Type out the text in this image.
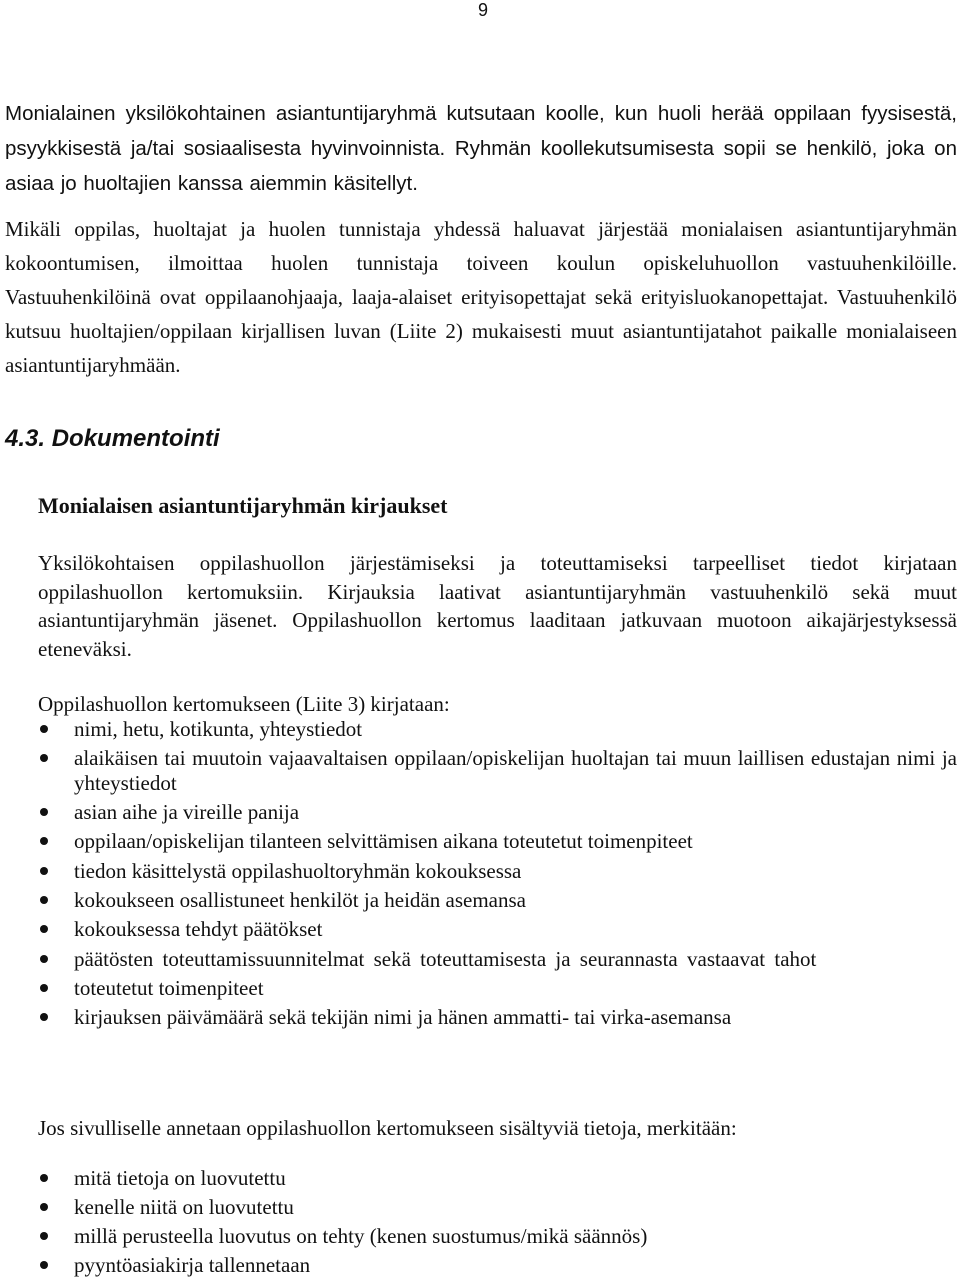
9

Monialainen yksilökohtainen asiantuntijaryhmä kutsutaan koolle, kun huoli herää oppilaan fyysisestä, psyykkisestä ja/tai sosiaalisesta hyvinvoinnista. Ryhmän koollekutsumisesta sopii se henkilö, joka on asiaa jo huoltajien kanssa aiemmin käsitellyt.

Mikäli oppilas, huoltajat ja huolen tunnistaja yhdessä haluavat järjestää monialaisen asiantuntijaryhmän kokoontumisen, ilmoittaa huolen tunnistaja toiveen koulun opiskeluhuollon vastuuhenkilöille. Vastuuhenkilöinä ovat oppilaanohjaaja, laaja-alaiset erityisopettajat sekä erityisluokanopettajat. Vastuuhenkilö kutsuu huoltajien/oppilaan kirjallisen luvan (Liite 2) mukaisesti muut asiantuntijatahot paikalle monialaiseen asiantuntijaryhmään.

4.3. Dokumentointi
Monialaisen asiantuntijaryhmän kirjaukset

Yksilökohtaisen oppilashuollon järjestämiseksi ja toteuttamiseksi tarpeelliset tiedot kirjataan oppilashuollon kertomuksiin. Kirjauksia laativat asiantuntijaryhmän vastuuhenkilö sekä muut asiantuntijaryhmän jäsenet. Oppilashuollon kertomus laaditaan jatkuvaan muotoon aikajärjestyksessä eteneväksi.

Oppilashuollon kertomukseen (Liite 3) kirjataan:

nimi, hetu, kotikunta, yhteystiedot
alaikäisen tai muutoin vajaavaltaisen oppilaan/opiskelijan huoltajan tai muun laillisen edustajan nimi ja yhteystiedot
asian aihe ja vireille panija
oppilaan/opiskelijan tilanteen selvittämisen aikana toteutetut toimenpiteet
tiedon käsittelystä oppilashuoltoryhmän kokouksessa
kokoukseen osallistuneet henkilöt ja heidän asemansa
kokouksessa tehdyt päätökset
päätösten toteuttamissuunnitelmat sekä toteuttamisesta ja seurannasta vastaavat tahot
toteutetut toimenpiteet
kirjauksen päivämäärä sekä tekijän nimi ja hänen ammatti- tai virka-asemansa

Jos sivulliselle annetaan oppilashuollon kertomukseen sisältyviä tietoja, merkitään:

mitä tietoja on luovutettu
kenelle niitä on luovutettu
millä perusteella luovutus on tehty (kenen suostumus/mikä säännös)
pyyntöasiakirja tallennetaan
